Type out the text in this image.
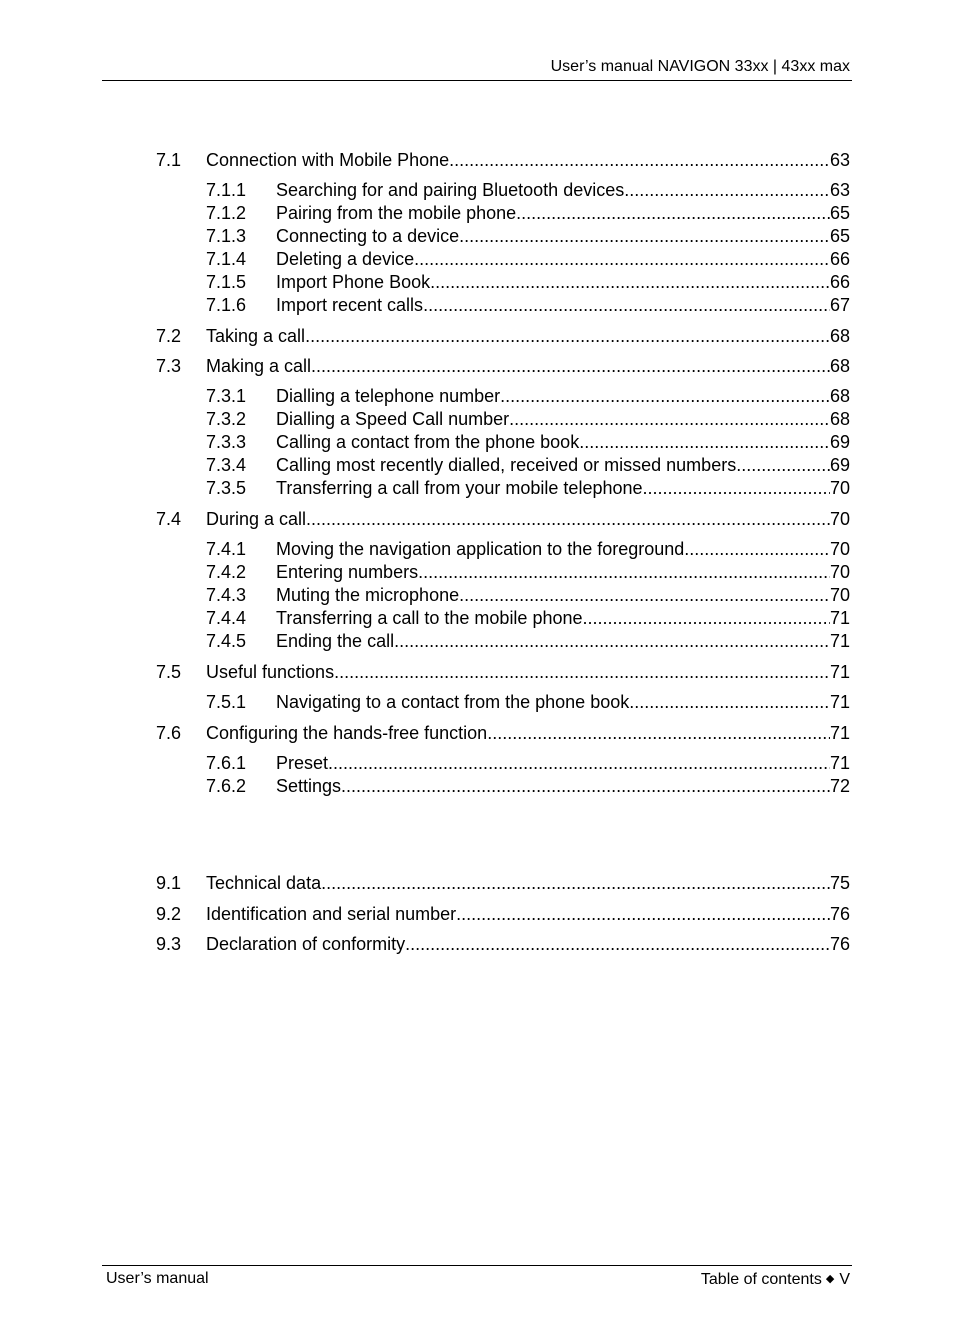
User’s manual NAVIGON 33xx | 43xx max
7.1 Connection with Mobile Phone .....	63
7.1.1 Searching for and pairing Bluetooth devices .....	63
7.1.2 Pairing from the mobile phone .....	65
7.1.3 Connecting to a device .....	65
7.1.4 Deleting a device .....	66
7.1.5 Import Phone Book .....	66
7.1.6 Import recent calls .....	67
7.2 Taking a call .....	68
7.3 Making a call .....	68
7.3.1 Dialling a telephone number .....	68
7.3.2 Dialling a Speed Call number .....	68
7.3.3 Calling a contact from the phone book .....	69
7.3.4 Calling most recently dialled, received or missed numbers .....	69
7.3.5 Transferring a call from your mobile telephone .....	70
7.4 During a call .....	70
7.4.1 Moving the navigation application to the foreground .....	70
7.4.2 Entering numbers .....	70
7.4.3 Muting the microphone .....	70
7.4.4 Transferring a call to the mobile phone .....	71
7.4.5 Ending the call .....	71
7.5 Useful functions .....	71
7.5.1 Navigating to a contact from the phone book .....	71
7.6 Configuring the hands-free function .....	71
7.6.1 Preset .....	71
7.6.2 Settings .....	72
9.1 Technical data .....	75
9.2 Identification and serial number .....	76
9.3 Declaration of conformity .....	76
User’s manual	Table of contents ◆ V
